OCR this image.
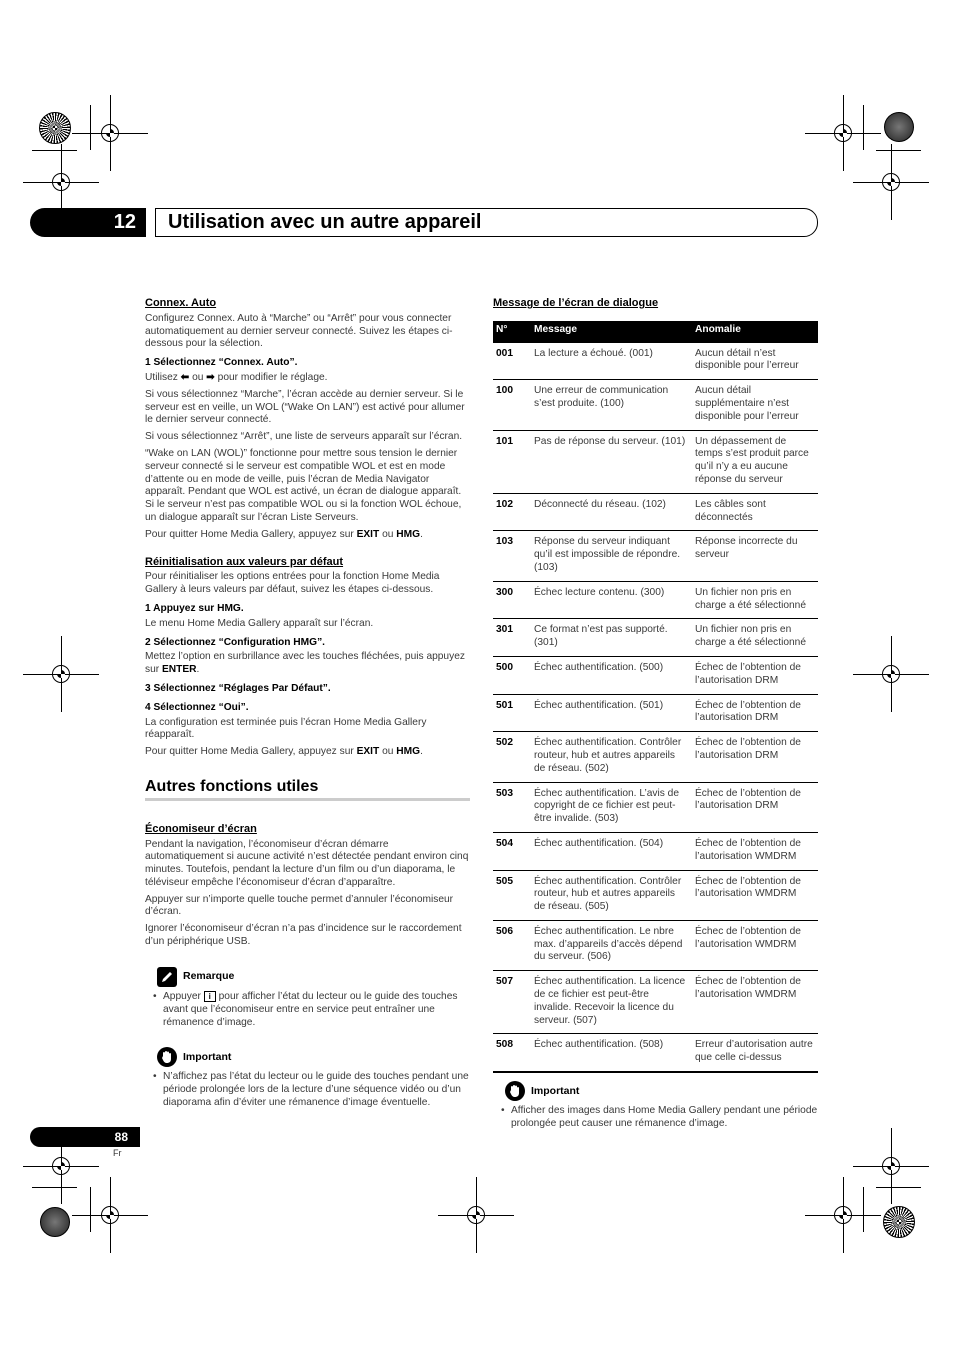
12	Utilisation avec un autre appareil
Connex. Auto
Configurez Connex. Auto à “Marche” ou “Arrêt” pour vous connecter automatiquement au dernier serveur connecté. Suivez les étapes ci-dessous pour la sélection.
1 Sélectionnez “Connex. Auto”.
Utilisez ⬅ ou ➡ pour modifier le réglage.
Si vous sélectionnez “Marche”, l’écran accède au dernier serveur. Si le serveur est en veille, un WOL (“Wake On LAN”) est activé pour allumer le dernier serveur connecté.
Si vous sélectionnez “Arrêt”, une liste de serveurs apparaît sur l’écran.
“Wake on LAN (WOL)” fonctionne pour mettre sous tension le dernier serveur connecté si le serveur est compatible WOL et est en mode d’attente ou en mode de veille, puis l’écran de Media Navigator apparaît. Pendant que WOL est activé, un écran de dialogue apparaît. Si le serveur n’est pas compatible WOL ou si la fonction WOL échoue, un dialogue apparaît sur l’écran Liste Serveurs.
Pour quitter Home Media Gallery, appuyez sur EXIT ou HMG.
Réinitialisation aux valeurs par défaut
Pour réinitialiser les options entrées pour la fonction Home Media Gallery à leurs valeurs par défaut, suivez les étapes ci-dessous.
1 Appuyez sur HMG.
Le menu Home Media Gallery apparaît sur l’écran.
2 Sélectionnez “Configuration HMG”.
Mettez l’option en surbrillance avec les touches fléchées, puis appuyez sur ENTER.
3 Sélectionnez “Réglages Par Défaut”.
4 Sélectionnez “Oui”.
La configuration est terminée puis l’écran Home Media Gallery réapparaît.
Pour quitter Home Media Gallery, appuyez sur EXIT ou HMG.
Autres fonctions utiles
Économiseur d’écran
Pendant la navigation, l’économiseur d’écran démarre automatiquement si aucune activité n’est détectée pendant environ cinq minutes. Toutefois, pendant la lecture d’un film ou d’un diaporama, le téléviseur empêche l’économiseur d’écran d’apparaître.
Appuyer sur n’importe quelle touche permet d’annuler l’économiseur d’écran.
Ignorer l’économiseur d’écran n’a pas d’incidence sur le raccordement d’un périphérique USB.
Remarque
• Appuyer i pour afficher l’état du lecteur ou le guide des touches avant que l’économiseur entre en service peut entraîner une rémanence d’image.
Important
• N’affichez pas l’état du lecteur ou le guide des touches pendant une période prolongée lors de la lecture d’une séquence vidéo ou d’un diaporama afin d’éviter une rémanence d’image éventuelle.
Message de l’écran de dialogue
N°	Message	Anomalie
001	La lecture a échoué. (001)	Aucun détail n’est disponible pour l’erreur
100	Une erreur de communication s’est produite. (100)	Aucun détail supplémentaire n’est disponible pour l’erreur
101	Pas de réponse du serveur. (101)	Un dépassement de temps s’est produit parce qu’il n’y a eu aucune réponse du serveur
102	Déconnecté du réseau. (102)	Les câbles sont déconnectés
103	Réponse du serveur indiquant qu’il est impossible de répondre. (103)	Réponse incorrecte du serveur
300	Échec lecture contenu. (300)	Un fichier non pris en charge a été sélectionné
301	Ce format n’est pas supporté. (301)	Un fichier non pris en charge a été sélectionné
500	Échec authentification. (500)	Échec de l’obtention de l’autorisation DRM
501	Échec authentification. (501)	Échec de l’obtention de l’autorisation DRM
502	Échec authentification. Contrôler routeur, hub et autres appareils de réseau. (502)	Échec de l’obtention de l’autorisation DRM
503	Échec authentification. L’avis de copyright de ce fichier est peut-être invalide. (503)	Échec de l’obtention de l’autorisation DRM
504	Échec authentification. (504)	Échec de l’obtention de l’autorisation WMDRM
505	Échec authentification. Contrôler routeur, hub et autres appareils de réseau. (505)	Échec de l’obtention de l’autorisation WMDRM
506	Échec authentification. Le nbre max. d’appareils d’accès dépend du serveur. (506)	Échec de l’obtention de l’autorisation WMDRM
507	Échec authentification. La licence de ce fichier est peut-être invalide. Recevoir la licence du serveur. (507)	Échec de l’obtention de l’autorisation WMDRM
508	Échec authentification. (508)	Erreur d’autorisation autre que celle ci-dessus
Important
• Afficher des images dans Home Media Gallery pendant une période prolongée peut causer une rémanence d’image.
88
Fr
